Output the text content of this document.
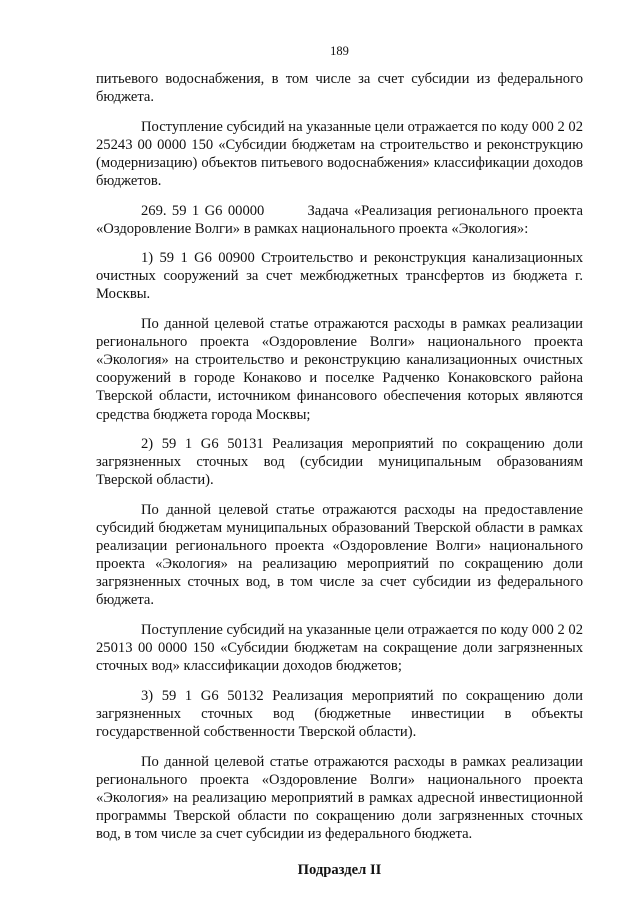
189

питьевого водоснабжения, в том числе за счет субсидии из федерального бюджета.

Поступление субсидий на указанные цели отражается по коду 000 2 02 25243 00 0000 150 «Субсидии бюджетам на строительство и реконструкцию (модернизацию) объектов питьевого водоснабжения» классификации доходов бюджетов.

269. 59 1 G6 00000        Задача «Реализация регионального проекта «Оздоровление Волги» в рамках национального проекта «Экология»:

1) 59 1 G6 00900 Строительство и реконструкция канализационных очистных сооружений за счет межбюджетных трансфертов из бюджета г. Москвы.

По данной целевой статье отражаются расходы в рамках реализации регионального проекта «Оздоровление Волги» национального проекта «Экология» на строительство и реконструкцию канализационных очистных сооружений в городе Конаково и поселке Радченко Конаковского района Тверской области, источником финансового обеспечения которых являются средства бюджета города Москвы;

2) 59 1 G6 50131 Реализация мероприятий по сокращению доли загрязненных сточных вод (субсидии муниципальным образованиям Тверской области).

По данной целевой статье отражаются расходы на предоставление субсидий бюджетам муниципальных образований Тверской области в рамках реализации регионального проекта «Оздоровление Волги» национального проекта «Экология» на реализацию мероприятий по сокращению доли загрязненных сточных вод, в том числе за счет субсидии из федерального бюджета.

Поступление субсидий на указанные цели отражается по коду 000 2 02 25013 00 0000 150 «Субсидии бюджетам на сокращение доли загрязненных сточных вод» классификации доходов бюджетов;

3) 59 1 G6 50132 Реализация мероприятий по сокращению доли загрязненных сточных вод (бюджетные инвестиции в объекты государственной собственности Тверской области).

По данной целевой статье отражаются расходы в рамках реализации регионального проекта «Оздоровление Волги» национального проекта «Экология» на реализацию мероприятий в рамках адресной инвестиционной программы Тверской области по сокращению доли загрязненных сточных вод, в том числе за счет субсидии из федерального бюджета.

Подраздел II
